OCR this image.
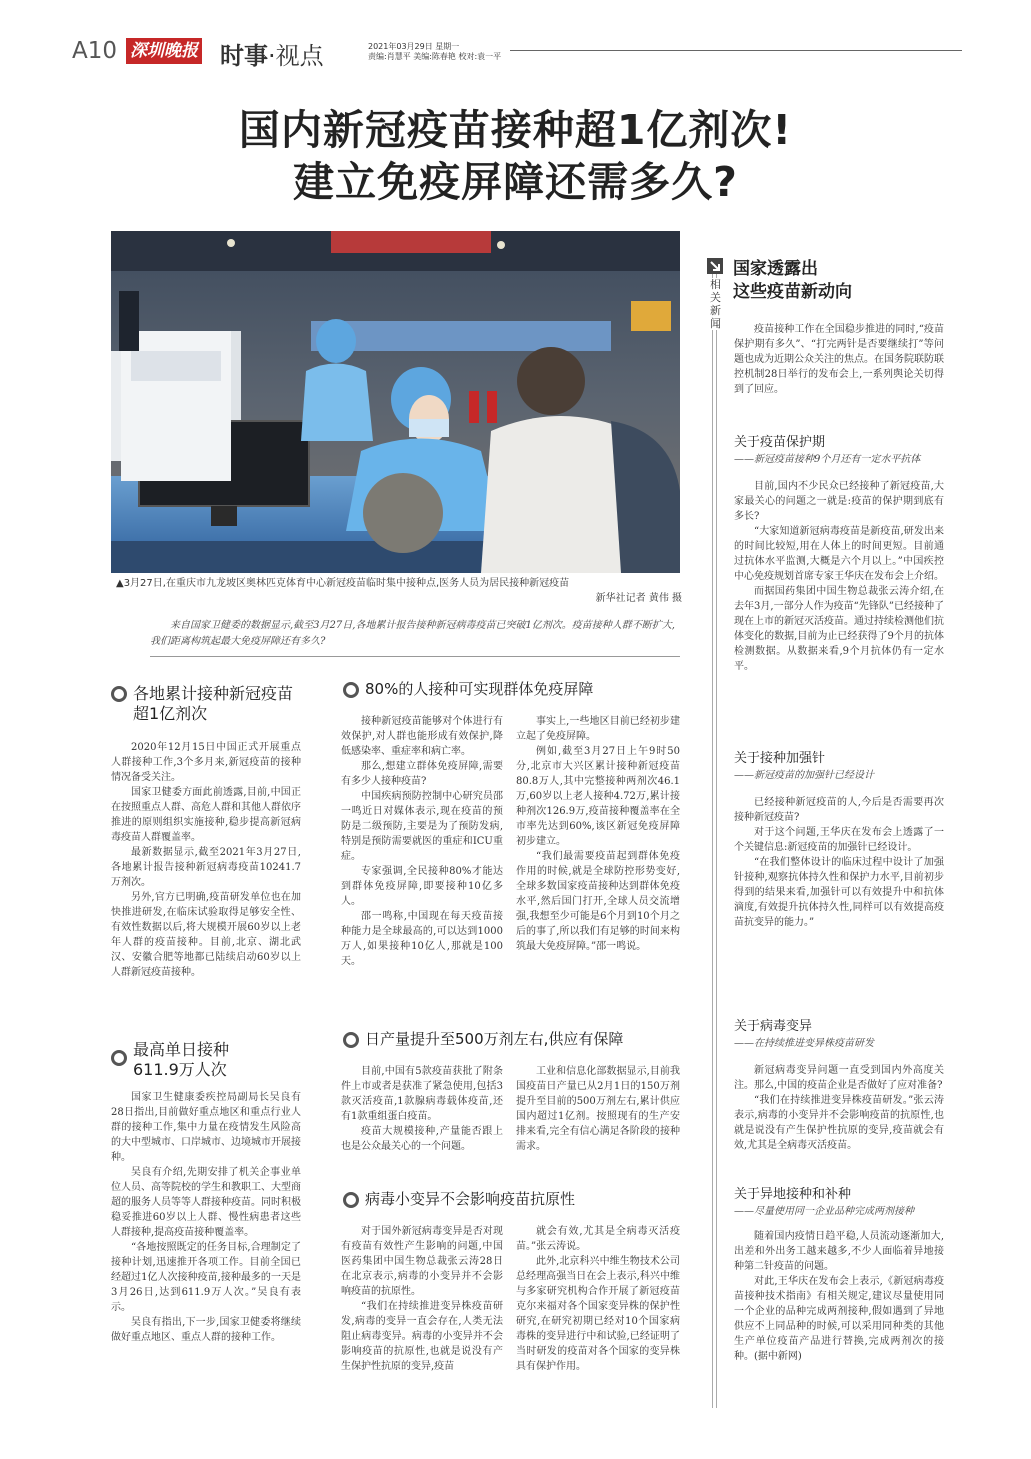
A10 深圳晚报 时事·视点	2021年03月29日 星期一
责编:肖慧平 美编:陈春艳 校对:袁一平
国内新冠疫苗接种超1亿剂次!
建立免疫屏障还需多久?
▲3月27日,在重庆市九龙坡区奥林匹克体育中心新冠疫苗临时集中接种点,医务人员为居民接种新冠疫苗
新华社记者 黄伟 摄
来自国家卫健委的数据显示,截至3月27日,各地累计报告接种新冠病毒疫苗已突破1亿剂次。疫苗接种人群不断扩大,我们距离构筑起最大免疫屏障还有多久?
各地累计接种新冠疫苗超1亿剂次

2020年12月15日中国正式开展重点人群接种工作,3个多月来,新冠疫苗的接种情况备受关注。

国家卫健委方面此前透露,目前,中国正在按照重点人群、高危人群和其他人群依序推进的原则组织实施接种,稳步提高新冠病毒疫苗人群覆盖率。

最新数据显示,截至2021年3月27日,各地累计报告接种新冠病毒疫苗10241.7万剂次。

另外,官方已明确,疫苗研发单位也在加快推进研发,在临床试验取得足够安全性、有效性数据以后,将大规模开展60岁以上老年人群的疫苗接种。目前,北京、湖北武汉、安徽合肥等地都已陆续启动60岁以上人群新冠疫苗接种。

最高单日接种
611.9万人次

国家卫生健康委疾控局副局长吴良有28日指出,目前做好重点地区和重点行业人群的接种工作,集中力量在疫情发生风险高的大中型城市、口岸城市、边境城市开展接种。

吴良有介绍,先期安排了机关企事业单位人员、高等院校的学生和教职工、大型商超的服务人员等等人群接种疫苗。同时积极稳妥推进60岁以上人群、慢性病患者这些人群接种,提高疫苗接种覆盖率。

“各地按照既定的任务目标,合理制定了接种计划,迅速推开各项工作。目前全国已经超过1亿人次接种疫苗,接种最多的一天是3月26日,达到611.9万人次。”吴良有表示。

吴良有指出,下一步,国家卫健委将继续做好重点地区、重点人群的接种工作。

80%的人接种可实现群体免疫屏障

接种新冠疫苗能够对个体进行有效保护,对人群也能形成有效保护,降低感染率、重症率和病亡率。

那么,想建立群体免疫屏障,需要有多少人接种疫苗?

中国疾病预防控制中心研究员邵一鸣近日对媒体表示,现在疫苗的预防是二级预防,主要是为了预防发病,特别是预防需要就医的重症和ICU重症。

专家强调,全民接种80%才能达到群体免疫屏障,即要接种10亿多人。

邵一鸣称,中国现在每天疫苗接种能力是全球最高的,可以达到1000万人,如果接种10亿人,那就是100天。

事实上,一些地区目前已经初步建立起了免疫屏障。

例如,截至3月27日上午9时50分,北京市大兴区累计接种新冠疫苗80.8万人,其中完整接种两剂次46.1万,60岁以上老人接种4.72万,累计接种剂次126.9万,疫苗接种覆盖率在全市率先达到60%,该区新冠免疫屏障初步建立。

“我们最需要疫苗起到群体免疫作用的时候,就是全球防控形势变好,全球多数国家疫苗接种达到群体免疫水平,然后国门打开,全球人员交流增强,我想至少可能是6个月到10个月之后的事了,所以我们有足够的时间来构筑最大免疫屏障。”邵一鸣说。

日产量提升至500万剂左右,供应有保障

目前,中国有5款疫苗获批了附条件上市或者是获准了紧急使用,包括3款灭活疫苗,1款腺病毒载体疫苗,还有1款重组蛋白疫苗。

疫苗大规模接种,产量能否跟上也是公众最关心的一个问题。

工业和信息化部数据显示,目前我国疫苗日产量已从2月1日的150万剂提升至目前的500万剂左右,累计供应国内超过1亿剂。按照现有的生产安排来看,完全有信心满足各阶段的接种需求。

病毒小变异不会影响疫苗抗原性

对于国外新冠病毒变异是否对现有疫苗有效性产生影响的问题,中国医药集团中国生物总裁张云涛28日在北京表示,病毒的小变异并不会影响疫苗的抗原性。

“我们在持续推进变异株疫苗研发,病毒的变异一直会存在,人类无法阻止病毒变异。病毒的小变异并不会影响疫苗的抗原性,也就是说没有产生保护性抗原的变异,疫苗

就会有效,尤其是全病毒灭活疫苗。”张云涛说。

此外,北京科兴中维生物技术公司总经理高强当日在会上表示,科兴中维与多家研究机构合作开展了新冠疫苗克尔来福对各个国家变异株的保护性研究,在研究初期已经对10个国家病毒株的变异进行中和试验,已经证明了当时研发的疫苗对各个国家的变异株具有保护作用。

相关新闻
国家透露出
这些疫苗新动向

疫苗接种工作在全国稳步推进的同时,“疫苗保护期有多久”、“打完两针是否要继续打”等问题也成为近期公众关注的焦点。在国务院联防联控机制28日举行的发布会上,一系列舆论关切得到了回应。

关于疫苗保护期
——新冠疫苗接种9个月还有一定水平抗体

目前,国内不少民众已经接种了新冠疫苗,大家最关心的问题之一就是:疫苗的保护期到底有多长?

“大家知道新冠病毒疫苗是新疫苗,研发出来的时间比较短,用在人体上的时间更短。目前通过抗体水平监测,大概是六个月以上。”中国疾控中心免疫规划首席专家王华庆在发布会上介绍。

而据国药集团中国生物总裁张云涛介绍,在去年3月,一部分人作为疫苗“先锋队”已经接种了现在上市的新冠灭活疫苗。通过持续检测他们抗体变化的数据,目前为止已经获得了9个月的抗体检测数据。从数据来看,9个月抗体仍有一定水平。

关于接种加强针
——新冠疫苗的加强针已经设计

已经接种新冠疫苗的人,今后是否需要再次接种新冠疫苗?

对于这个问题,王华庆在发布会上透露了一个关键信息:新冠疫苗的加强针已经设计。

“在我们整体设计的临床过程中设计了加强针接种,观察抗体持久性和保护力水平,目前初步得到的结果来看,加强针可以有效提升中和抗体滴度,有效提升抗体持久性,同样可以有效提高疫苗抗变异的能力。”

关于病毒变异
——在持续推进变异株疫苗研发

新冠病毒变异问题一直受到国内外高度关注。那么,中国的疫苗企业是否做好了应对准备?

“我们在持续推进变异株疫苗研发。”张云涛表示,病毒的小变异并不会影响疫苗的抗原性,也就是说没有产生保护性抗原的变异,疫苗就会有效,尤其是全病毒灭活疫苗。

关于异地接种和补种
——尽量使用同一企业品种完成两剂接种

随着国内疫情日趋平稳,人员流动逐渐加大,出差和外出务工越来越多,不少人面临着异地接种第二针疫苗的问题。

对此,王华庆在发布会上表示,《新冠病毒疫苗接种技术指南》有相关规定,建议尽量使用同一个企业的品种完成两剂接种,假如遇到了异地供应不上同品种的时候,可以采用同种类的其他生产单位疫苗产品进行替换,完成两剂次的接种。(据中新网)
